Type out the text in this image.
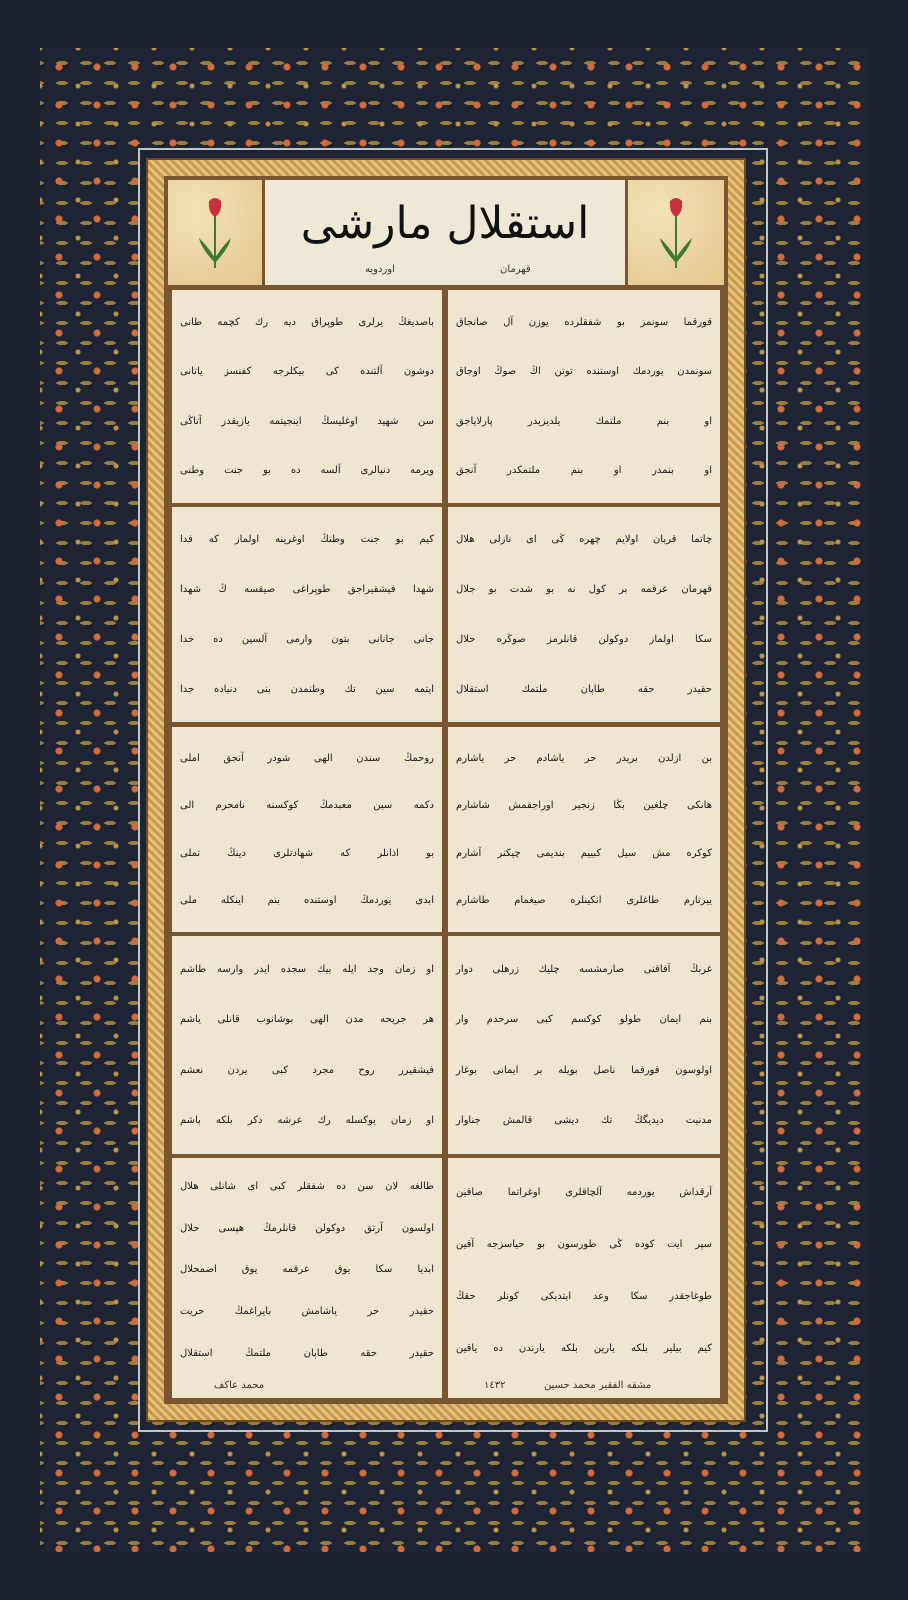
استقلال مارشى
اوردويه	قهرمان
قورقما سونمز بو شفقلرده يوزن آل صانجاق
سونمدن يوردمك اوستنده توتن اڭ صوڭ اوجاق
او بنم ملتمك يلديزيدر پارلاياجق
او بنمدر او بنم ملتمكدر آنجق
باصديغڭ يرلرى طوپراق ديه رك كچمه طانى
دوشون آلتنده كى بيكلرجه كفنسز ياتانى
سن شهيد اوغليسڭ اينجيتمه يازيقدر آتاڭى
ويرمه دنيالرى آلسه ده بو جنت وطنى
چاتما قربان اولايم چهره ڭى اى نازلى هلال
قهرمان عرقمه بر كول نه بو شدت بو جلال
سكا اولماز دوكولن قانلرمز صوڭره حلال
حقيدر حقه طاپان ملتمك استقلال
كيم بو جنت وطنڭ اوغرينه اولماز كه فدا
شهدا فيشقيراجق طوپراغى صيقسه ڭ شهدا
جانى جانانى بتون وارمى آلسين ده خدا
ايتمه سين تك وطنمدن بنى دنياده جدا
بن ازلدن بريدر حر ياشادم حر ياشارم
هانكى چلغين بڭا زنجير اوراجقمش شاشارم
كوكره مش سيل كبييم بندیمی چيكنر آشارم
ييرتارم طاغلرى انكينلره صيغمام طاشارم
روحمڭ سندن الهى شودر آنجق املى
دكمه سين معبدمڭ كوكسنه نامحرم الى
بو اذانلر كه شهادتلرى دينڭ تملى
ابدى يوردمڭ اوستنده بنم اينكله ملى
غربڭ آفاقنى صارمشسه چليك زرهلى دوار
بنم ايمان طولو كوكسم كبى سرحدم وار
اولوسون قورقما ناصل بويله بر ايمانى بوغار
مدنيت ديديگڭ تك ديشى قالمش جناوار
او زمان وجد ايله بيك سجده ايدر وارسه طاشم
هر جريحه مدن الهى بوشانوب قانلى ياشم
فيشقيرر روح مجرد كبى يردن نعشم
او زمان يوكسله رك عرشه دكر بلكه باشم
آرقداش يوردمه آلچاقلرى اوغراتما صاقين
سپر ايت كوده ڭى طورسون بو حياسزجه آقين
طوغاجقدر سكا وعد ايتديكى كونلر حقڭ
كيم بيلير بلكه يارين بلكه يارندن ده ياقين
طالغه لان سن ده شفقلر كبى اى شانلى هلال
اولسون آرتق دوكولن قانلرمڭ هپسى حلال
ابديا سكا يوق عرقمه يوق اضمحلال
حقيدر حر ياشامش بايراغمڭ حريت
حقيدر حقه طاپان ملتمڭ استقلال
محمد عاكف	مشقه الفقير محمد حسين
١٤٣٢
